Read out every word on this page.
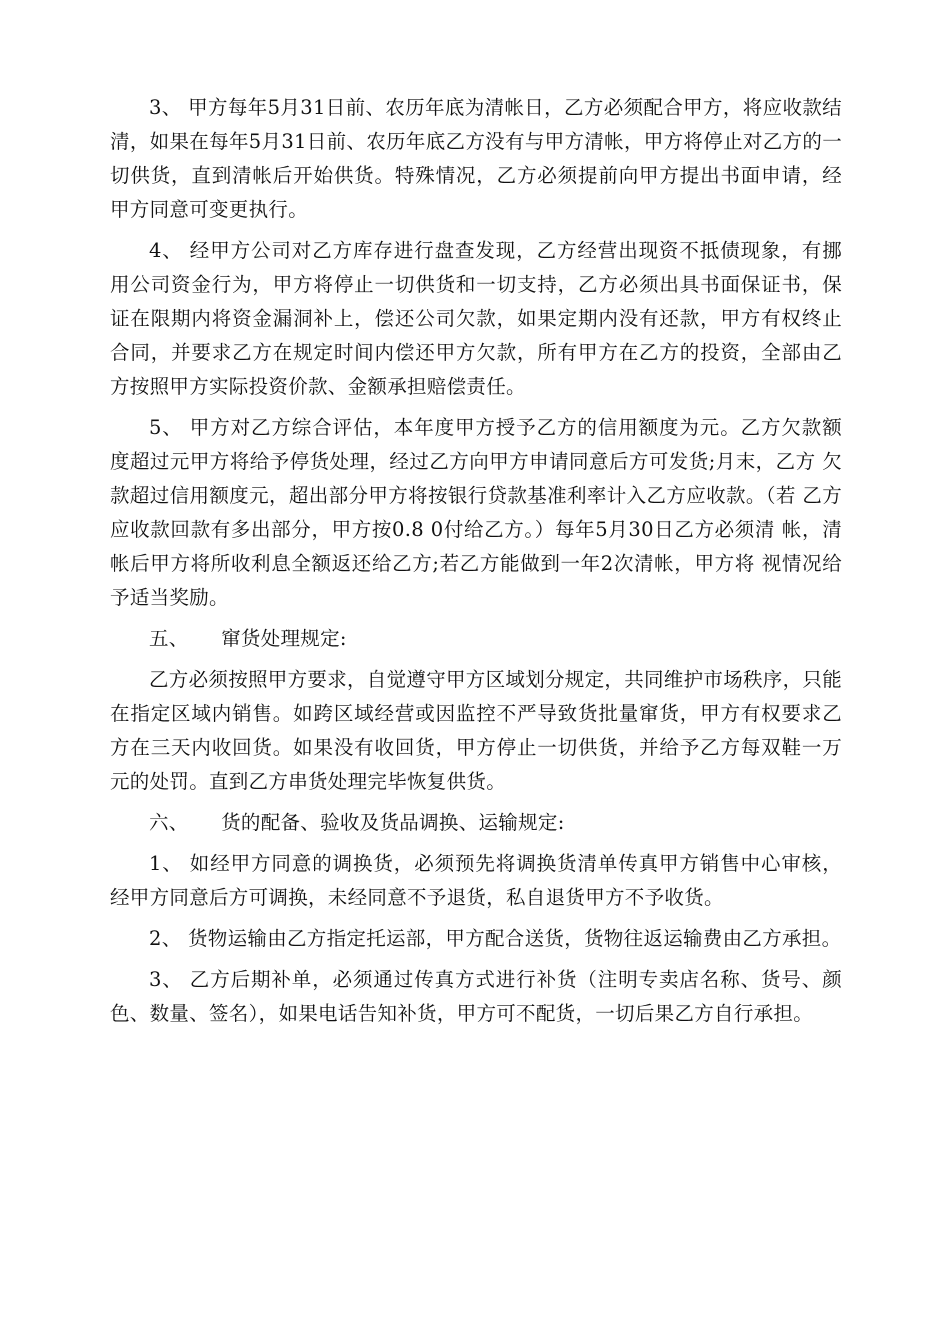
3、 甲方每年5月31日前、农历年底为清帐日，乙方必须配合甲方，将应收款结清，如果在每年5月31日前、农历年底乙方没有与甲方清帐，甲方将停止对乙方的一切供货，直到清帐后开始供货。特殊情况，乙方必须提前向甲方提出书面申请，经甲方同意可变更执行。

4、 经甲方公司对乙方库存进行盘查发现，乙方经营出现资不抵债现象，有挪 用公司资金行为，甲方将停止一切供货和一切支持，乙方必须出具书面保证书，保 证在限期内将资金漏洞补上，偿还公司欠款，如果定期内没有还款，甲方有权终止 合同，并要求乙方在规定时间内偿还甲方欠款，所有甲方在乙方的投资，全部由乙 方按照甲方实际投资价款、金额承担赔偿责任。

5、 甲方对乙方综合评估，本年度甲方授予乙方的信用额度为元。乙方欠款额 度超过元甲方将给予停货处理，经过乙方向甲方申请同意后方可发货;月末，乙方 欠款超过信用额度元，超出部分甲方将按银行贷款基准利率计入乙方应收款。（若 乙方应收款回款有多出部分，甲方按0.8 0付给乙方。）每年5月30日乙方必须清 帐，清帐后甲方将所收利息全额返还给乙方;若乙方能做到一年2次清帐，甲方将 视情况给予适当奖励。

五、     窜货处理规定:

乙方必须按照甲方要求，自觉遵守甲方区域划分规定，共同维护市场秩序，只能在指定区域内销售。如跨区域经营或因监控不严导致货批量窜货，甲方有权要求乙方在三天内收回货。如果没有收回货，甲方停止一切供货，并给予乙方每双鞋一万元的处罚。直到乙方串货处理完毕恢复供货。

六、     货的配备、验收及货品调换、运输规定:

1、 如经甲方同意的调换货，必须预先将调换货清单传真甲方销售中心审核， 经甲方同意后方可调换，未经同意不予退货，私自退货甲方不予收货。

2、 货物运输由乙方指定托运部，甲方配合送货，货物往返运输费由乙方承担。

3、 乙方后期补单，必须通过传真方式进行补货（注明专卖店名称、货号、颜 色、数量、签名），如果电话告知补货，甲方可不配货，一切后果乙方自行承担。
